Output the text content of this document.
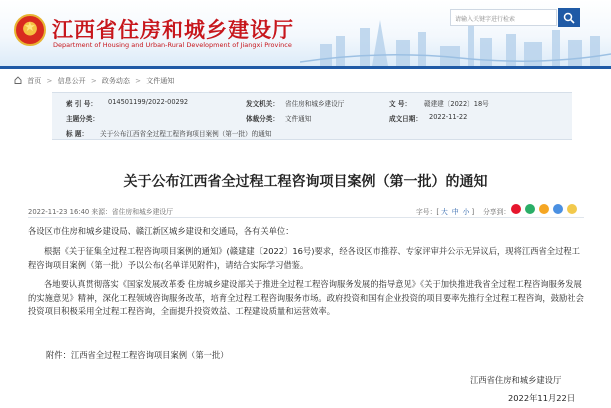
★
江西省住房和城乡建设厅
Department of Housing and Urban-Rural Development of Jiangxi Province
请输入关键字进行检索
首页 > 信息公开 > 政务动态 > 文件通知
索 引 号： 014501199/2022-00292	发文机关： 省住房和城乡建设厅	文 号： 赣建建〔2022〕18号
主题分类：	体裁分类： 文件通知	成文日期： 2022-11-22
标 题： 关于公布江西省全过程工程咨询项目案例（第一批）的通知
关于公布江西省全过程工程咨询项目案例（第一批）的通知
2022-11-23 16:40 来源：省住房和城乡建设厅	字号：[ 大 中 小 ] 分享到：
各设区市住房和城乡建设局、赣江新区城乡建设和交通局，各有关单位：
根据《关于征集全过程工程咨询项目案例的通知》(赣建建〔2022〕16号)要求，经各设区市推荐、专家评审并公示无异议后，现将江西省全过程工程咨询项目案例（第一批）予以公布(名单详见附件)，请结合实际学习借鉴。
各地要认真贯彻落实《国家发展改革委 住房城乡建设部关于推进全过程工程咨询服务发展的指导意见》《关于加快推进我省全过程工程咨询服务发展的实施意见》精神，深化工程领域咨询服务改革，培育全过程工程咨询服务市场。政府投资和国有企业投资的项目要率先推行全过程工程咨询，鼓励社会投资项目积极采用全过程工程咨询，全面提升投资效益、工程建设质量和运营效率。
附件：江西省全过程工程咨询项目案例（第一批）
江西省住房和城乡建设厅
2022年11月22日
